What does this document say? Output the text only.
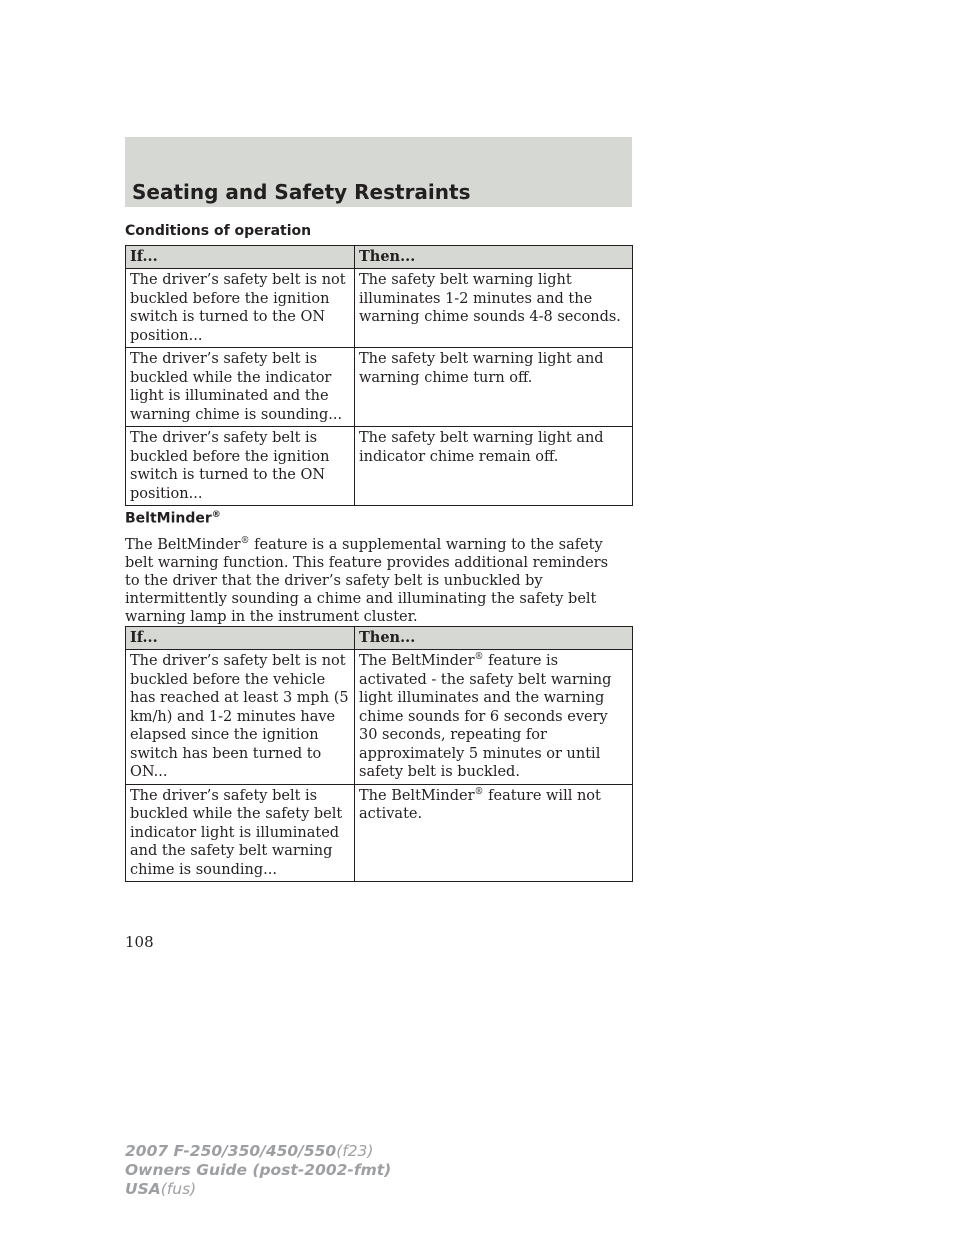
Seating and Safety Restraints
Conditions of operation
If...	Then...
The driver’s safety belt is not buckled before the ignition switch is turned to the ON position...	The safety belt warning light illuminates 1-2 minutes and the warning chime sounds 4-8 seconds.
The driver’s safety belt is buckled while the indicator light is illuminated and the warning chime is sounding...	The safety belt warning light and warning chime turn off.
The driver’s safety belt is buckled before the ignition switch is turned to the ON position...	The safety belt warning light and indicator chime remain off.
BeltMinder®
The BeltMinder® feature is a supplemental warning to the safety belt warning function. This feature provides additional reminders to the driver that the driver’s safety belt is unbuckled by intermittently sounding a chime and illuminating the safety belt warning lamp in the instrument cluster.
If...	Then...
The driver’s safety belt is not buckled before the vehicle has reached at least 3 mph (5 km/h) and 1-2 minutes have elapsed since the ignition switch has been turned to ON...	The BeltMinder® feature is activated - the safety belt warning light illuminates and the warning chime sounds for 6 seconds every 30 seconds, repeating for approximately 5 minutes or until safety belt is buckled.
The driver’s safety belt is buckled while the safety belt indicator light is illuminated and the safety belt warning chime is sounding...	The BeltMinder® feature will not activate.
108
2007 F-250/350/450/550(f23)
Owners Guide (post-2002-fmt)
USA(fus)
